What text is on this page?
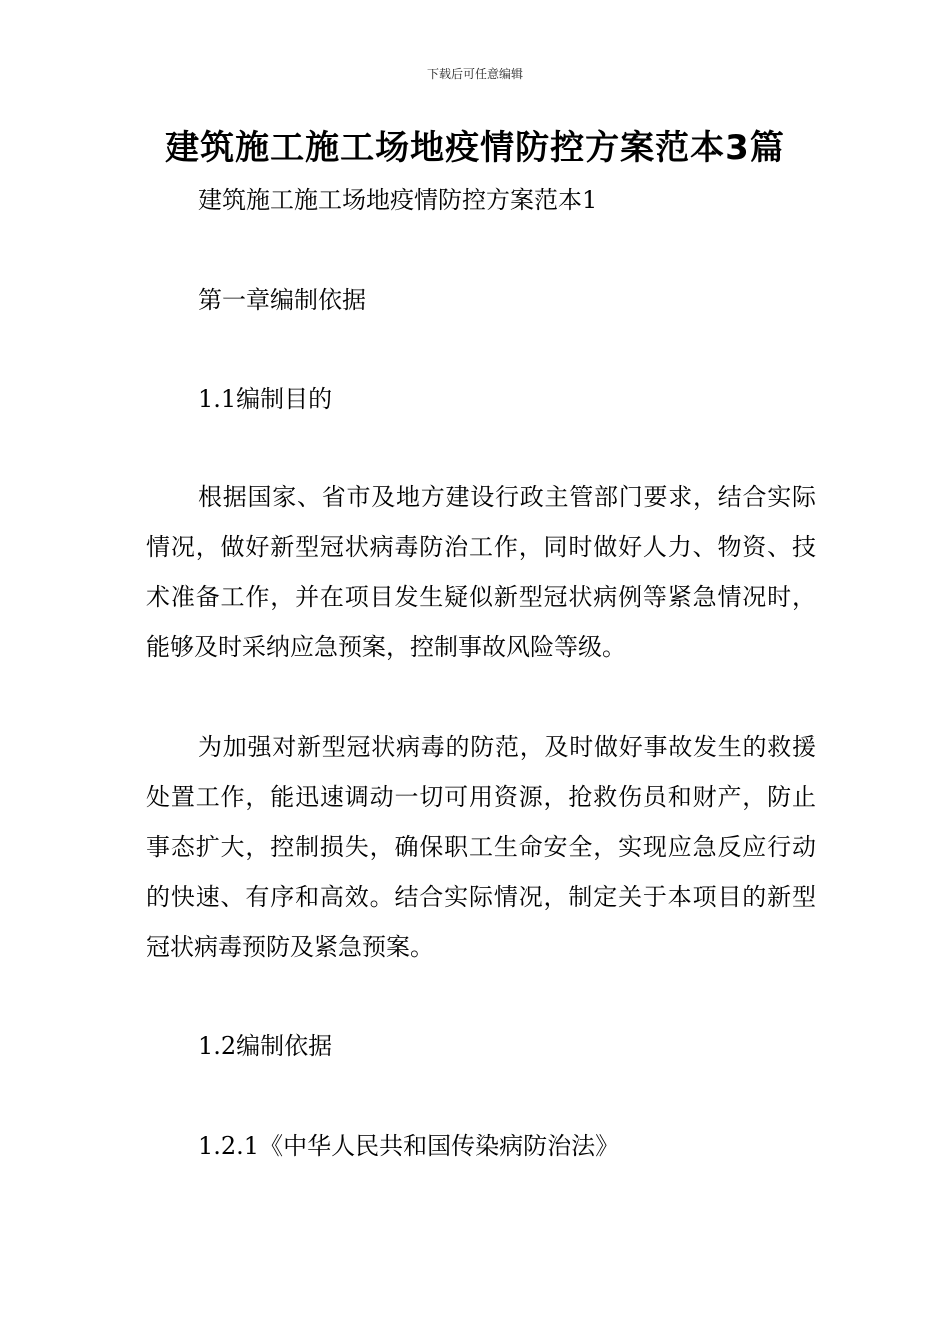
下载后可任意编辑
建筑施工施工场地疫情防控方案范本3篇

建筑施工施工场地疫情防控方案范本1

第一章编制依据

1.1编制目的

根据国家、省市及地方建设行政主管部门要求，结合实际情况，做好新型冠状病毒防治工作，同时做好人力、物资、技术准备工作，并在项目发生疑似新型冠状病例等紧急情况时，能够及时采纳应急预案，控制事故风险等级。

为加强对新型冠状病毒的防范，及时做好事故发生的救援处置工作，能迅速调动一切可用资源，抢救伤员和财产，防止事态扩大，控制损失，确保职工生命安全，实现应急反应行动的快速、有序和高效。结合实际情况，制定关于本项目的新型冠状病毒预防及紧急预案。

1.2编制依据

1.2.1《中华人民共和国传染病防治法》
